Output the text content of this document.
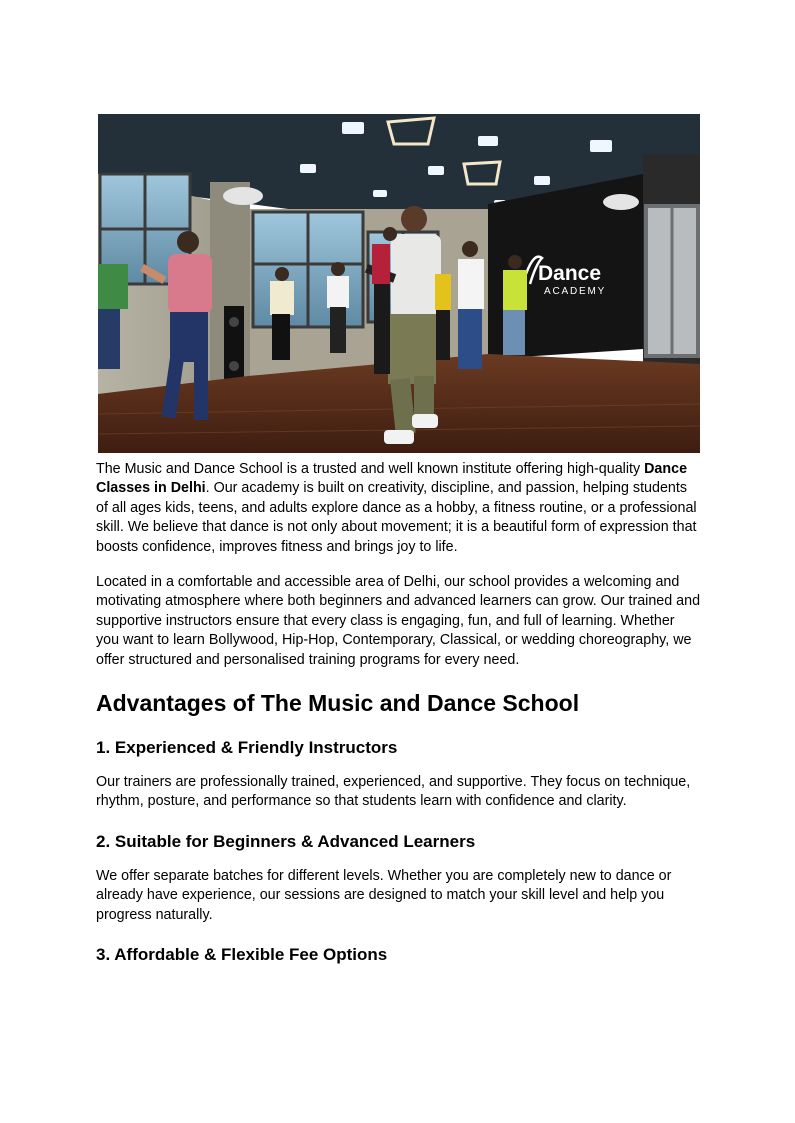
Dance
ACADEMY

The Music and Dance School is a trusted and well known institute offering high-quality Dance Classes in Delhi. Our academy is built on creativity, discipline, and passion, helping students of all ages kids, teens, and adults explore dance as a hobby, a fitness routine, or a professional skill. We believe that dance is not only about movement; it is a beautiful form of expression that boosts confidence, improves fitness and brings joy to life.

Located in a comfortable and accessible area of Delhi, our school provides a welcoming and motivating atmosphere where both beginners and advanced learners can grow. Our trained and supportive instructors ensure that every class is engaging, fun, and full of learning. Whether you want to learn Bollywood, Hip-Hop, Contemporary, Classical, or wedding choreography, we offer structured and personalised training programs for every need.

Advantages of The Music and Dance School
1. Experienced & Friendly Instructors

Our trainers are professionally trained, experienced, and supportive. They focus on technique, rhythm, posture, and performance so that students learn with confidence and clarity.

2. Suitable for Beginners & Advanced Learners

We offer separate batches for different levels. Whether you are completely new to dance or already have experience, our sessions are designed to match your skill level and help you progress naturally.

3. Affordable & Flexible Fee Options
